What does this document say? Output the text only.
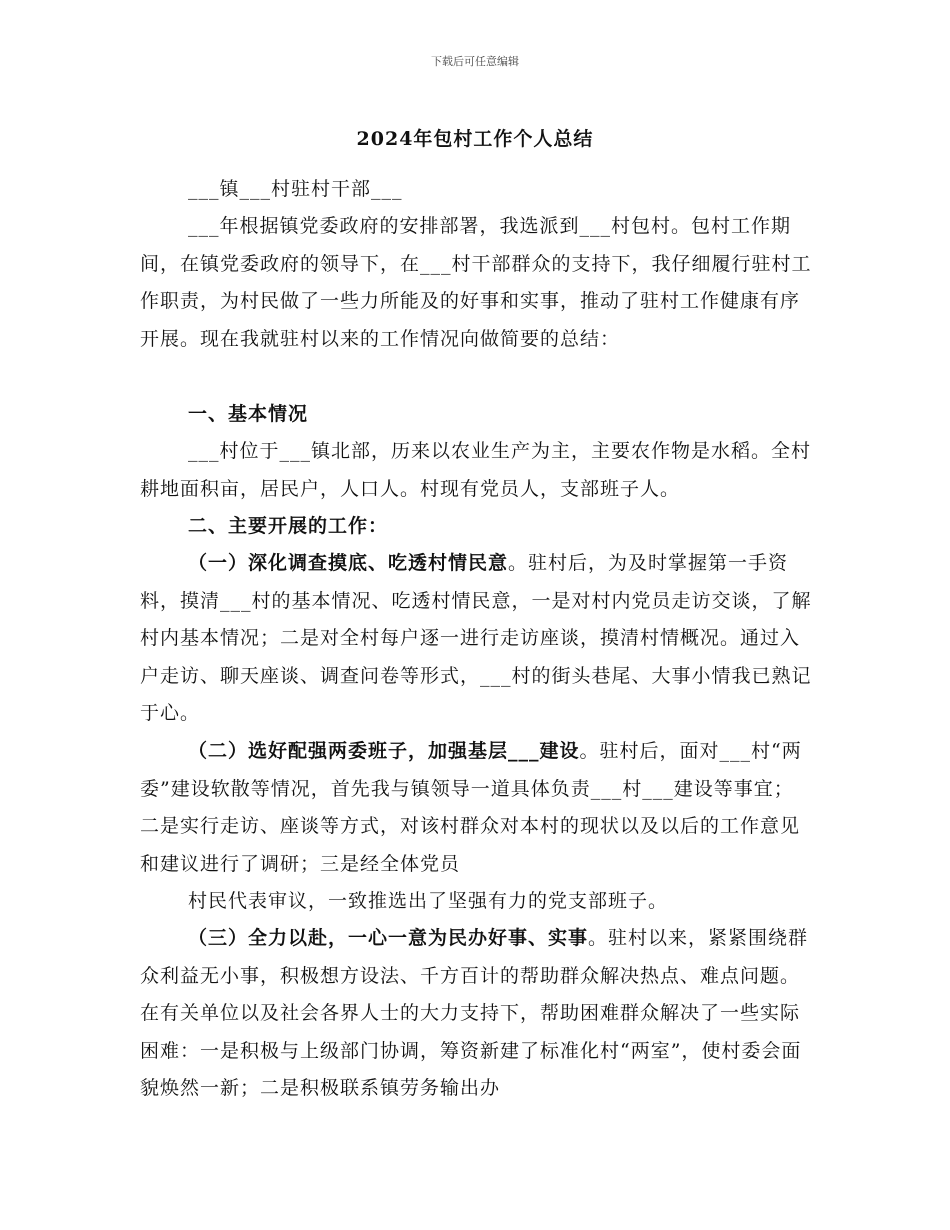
下载后可任意编辑
2024年包村工作个人总结

___镇___村驻村干部___

___年根据镇党委政府的安排部署，我选派到___村包村。包村工作期间，在镇党委政府的领导下，在___村干部群众的支持下，我仔细履行驻村工作职责，为村民做了一些力所能及的好事和实事，推动了驻村工作健康有序开展。现在我就驻村以来的工作情况向做简要的总结：

一、基本情况

___村位于___镇北部，历来以农业生产为主，主要农作物是水稻。全村耕地面积亩，居民户，人口人。村现有党员人，支部班子人。

二、主要开展的工作：

（一）深化调查摸底、吃透村情民意。驻村后，为及时掌握第一手资料，摸清___村的基本情况、吃透村情民意，一是对村内党员走访交谈，了解村内基本情况；二是对全村每户逐一进行走访座谈，摸清村情概况。通过入户走访、聊天座谈、调查问卷等形式，___村的街头巷尾、大事小情我已熟记于心。

（二）选好配强两委班子，加强基层___建设。驻村后，面对___村“两委”建设软散等情况，首先我与镇领导一道具体负责___村___建设等事宜；二是实行走访、座谈等方式，对该村群众对本村的现状以及以后的工作意见和建议进行了调研；三是经全体党员

村民代表审议，一致推选出了坚强有力的党支部班子。

（三）全力以赴，一心一意为民办好事、实事。驻村以来，紧紧围绕群众利益无小事，积极想方设法、千方百计的帮助群众解决热点、难点问题。在有关单位以及社会各界人士的大力支持下，帮助困难群众解决了一些实际困难：一是积极与上级部门协调，筹资新建了标准化村“两室”，使村委会面貌焕然一新；二是积极联系镇劳务输出办
